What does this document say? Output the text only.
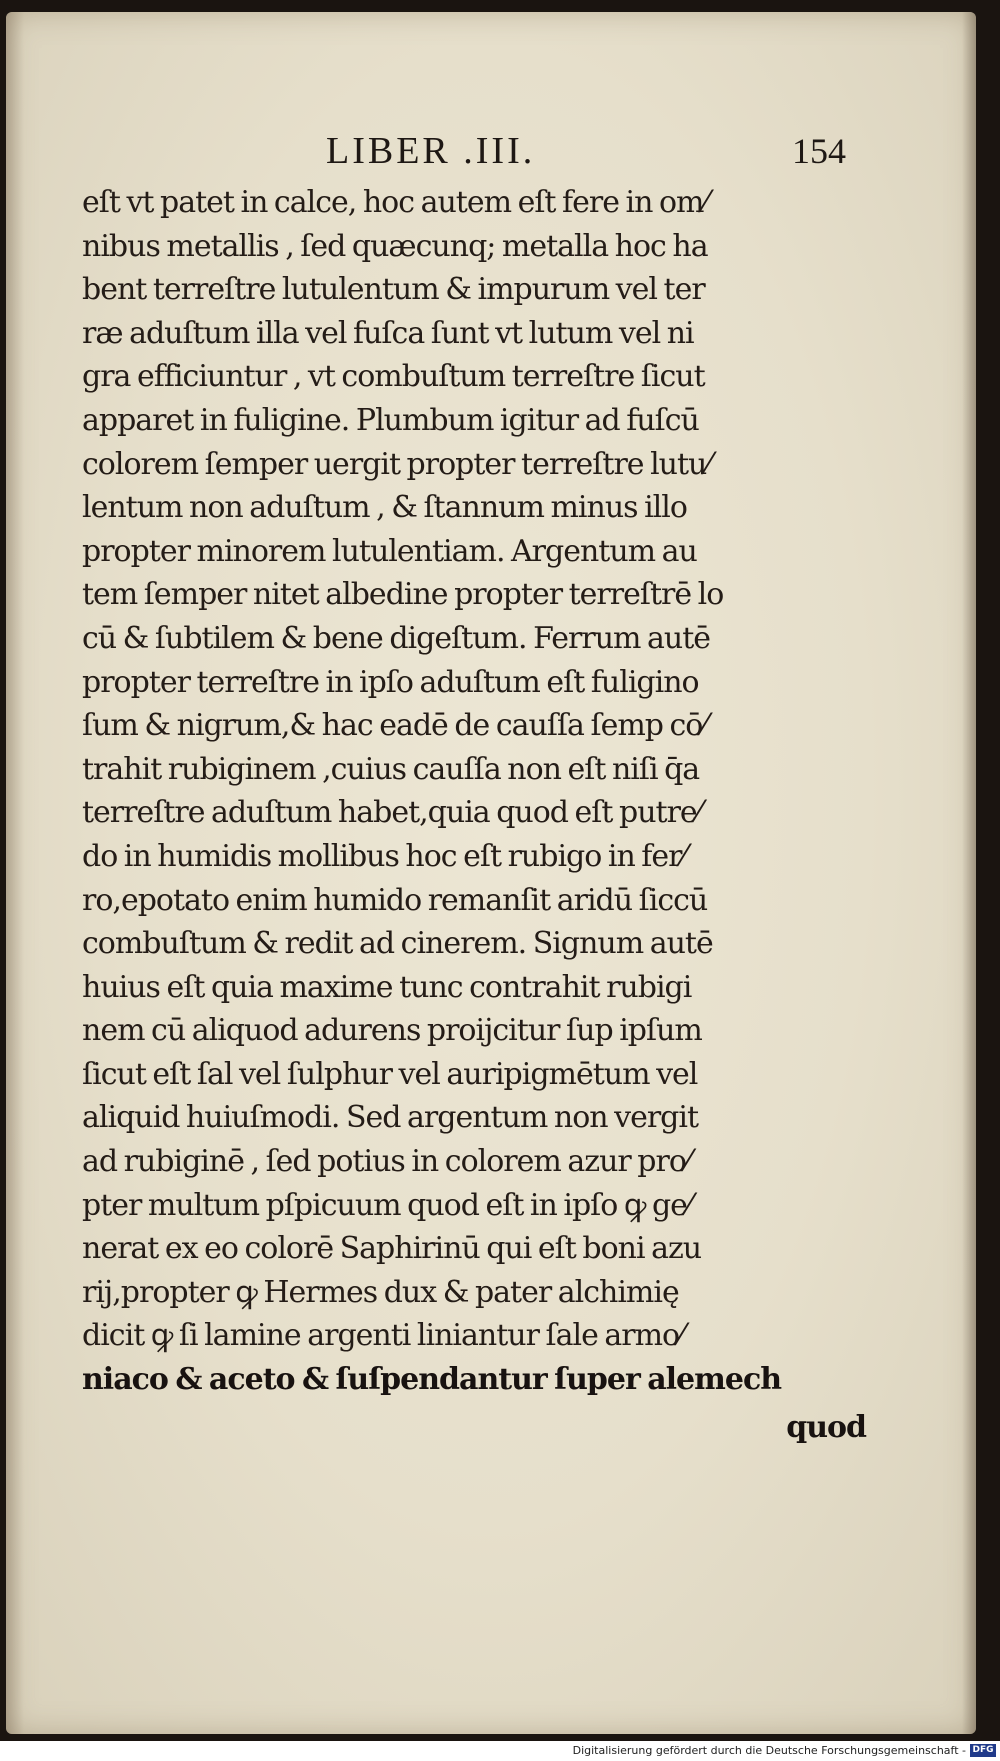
LIBER .III.	154
eſt vt patet in calce, hoc autem eſt fere in om⁄
nibus metallis , ſed quæcunq; metalla hoc ha
bent terreſtre lutulentum & impurum vel ter
ræ aduſtum illa vel fuſca ſunt vt lutum vel ni
gra efficiuntur , vt combuſtum terreſtre ſicut
apparet in fuligine. Plumbum igitur ad fuſcū
colorem ſemper uergit propter terreſtre lutu⁄
lentum non aduſtum , & ſtannum minus illo
propter minorem lutulentiam. Argentum au
tem ſemper nitet albedine propter terreſtrē lo
cū & ſubtilem & bene digeſtum. Ferrum autē
propter terreſtre in ipſo aduſtum eſt fuligino
ſum & nigrum,& hac eadē de cauſſa ſemp cō⁄
trahit rubiginem ,cuius cauſſa non eſt niſi q̄a
terreſtre aduſtum habet,quia quod eſt putre⁄
do in humidis mollibus hoc eſt rubigo in fer⁄
ro,epotato enim humido remanſit aridū ſiccū
combuſtum & redit ad cinerem. Signum autē
huius eſt quia maxime tunc contrahit rubigi
nem cū aliquod adurens proijcitur ſup ipſum
ſicut eſt ſal vel ſulphur vel auripigmētum vel
aliquid huiuſmodi. Sed argentum non vergit
ad rubiginē , ſed potius in colorem azur pro⁄
pter multum pſpicuum quod eſt in ipſo ꝙ ge⁄
nerat ex eo colorē Saphirinū qui eſt boni azu
rij,propter ꝙ Hermes dux & pater alchimię
dicit ꝙ ſi lamine argenti liniantur ſale armo⁄
niaco & aceto & ſuſpendantur ſuper alemech
quod
Digitalisierung gefördert durch die Deutsche Forschungsgemeinschaft - DFG
